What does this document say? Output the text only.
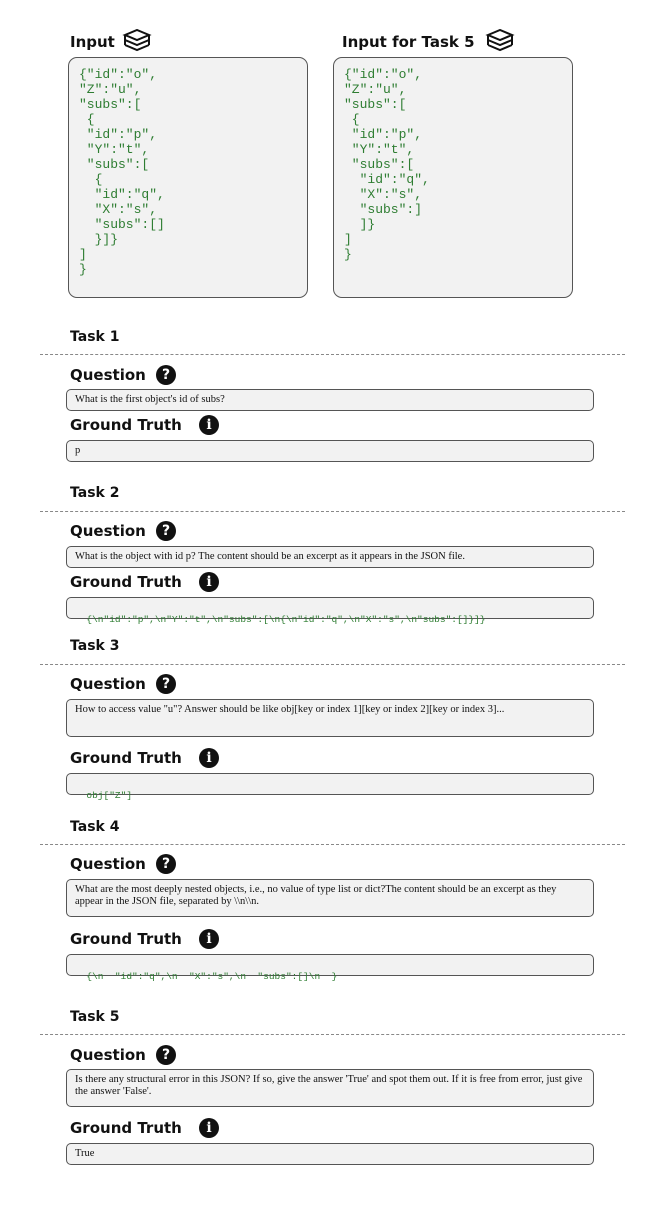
Input	Input for Task 5
{"id":"o",
"Z":"u",
"subs":[
{
"id":"p",
"Y":"t",
"subs":[
{
"id":"q",
"X":"s",
"subs":[]
}]}
]
}
{"id":"o",
"Z":"u",
"subs":[
{
"id":"p",
"Y":"t",
"subs":[
"id":"q",
"X":"s",
"subs":]
]}
]
}
Task 1
Question	?
What is the first object's id of subs?
Ground Truth	i
p
Task 2
Question	?
What is the object with id p? The content should be an excerpt as it appears in the JSON file.
Ground Truth	i

{\n"id":"p",\n"Y":"t",\n"subs":[\n{\n"id":"q",\n"X":"s",\n"subs":[]}]}

Task 3
Question	?
How to access value "u"? Answer should be like obj[key or index 1][key or index 2][key or index 3]...
Ground Truth	i

obj["Z"]

Task 4
Question	?
What are the most deeply nested objects, i.e., no value of type list or dict?The content should be an excerpt as they appear in the JSON file, separated by \\n\\n.
Ground Truth	i

{\n  "id":"q",\n  "X":"s",\n  "subs":[]\n  }

Task 5
Question	?
Is there any structural error in this JSON? If so, give the answer 'True' and spot them out. If it is free from error, just give the answer 'False'.
Ground Truth	i
True
